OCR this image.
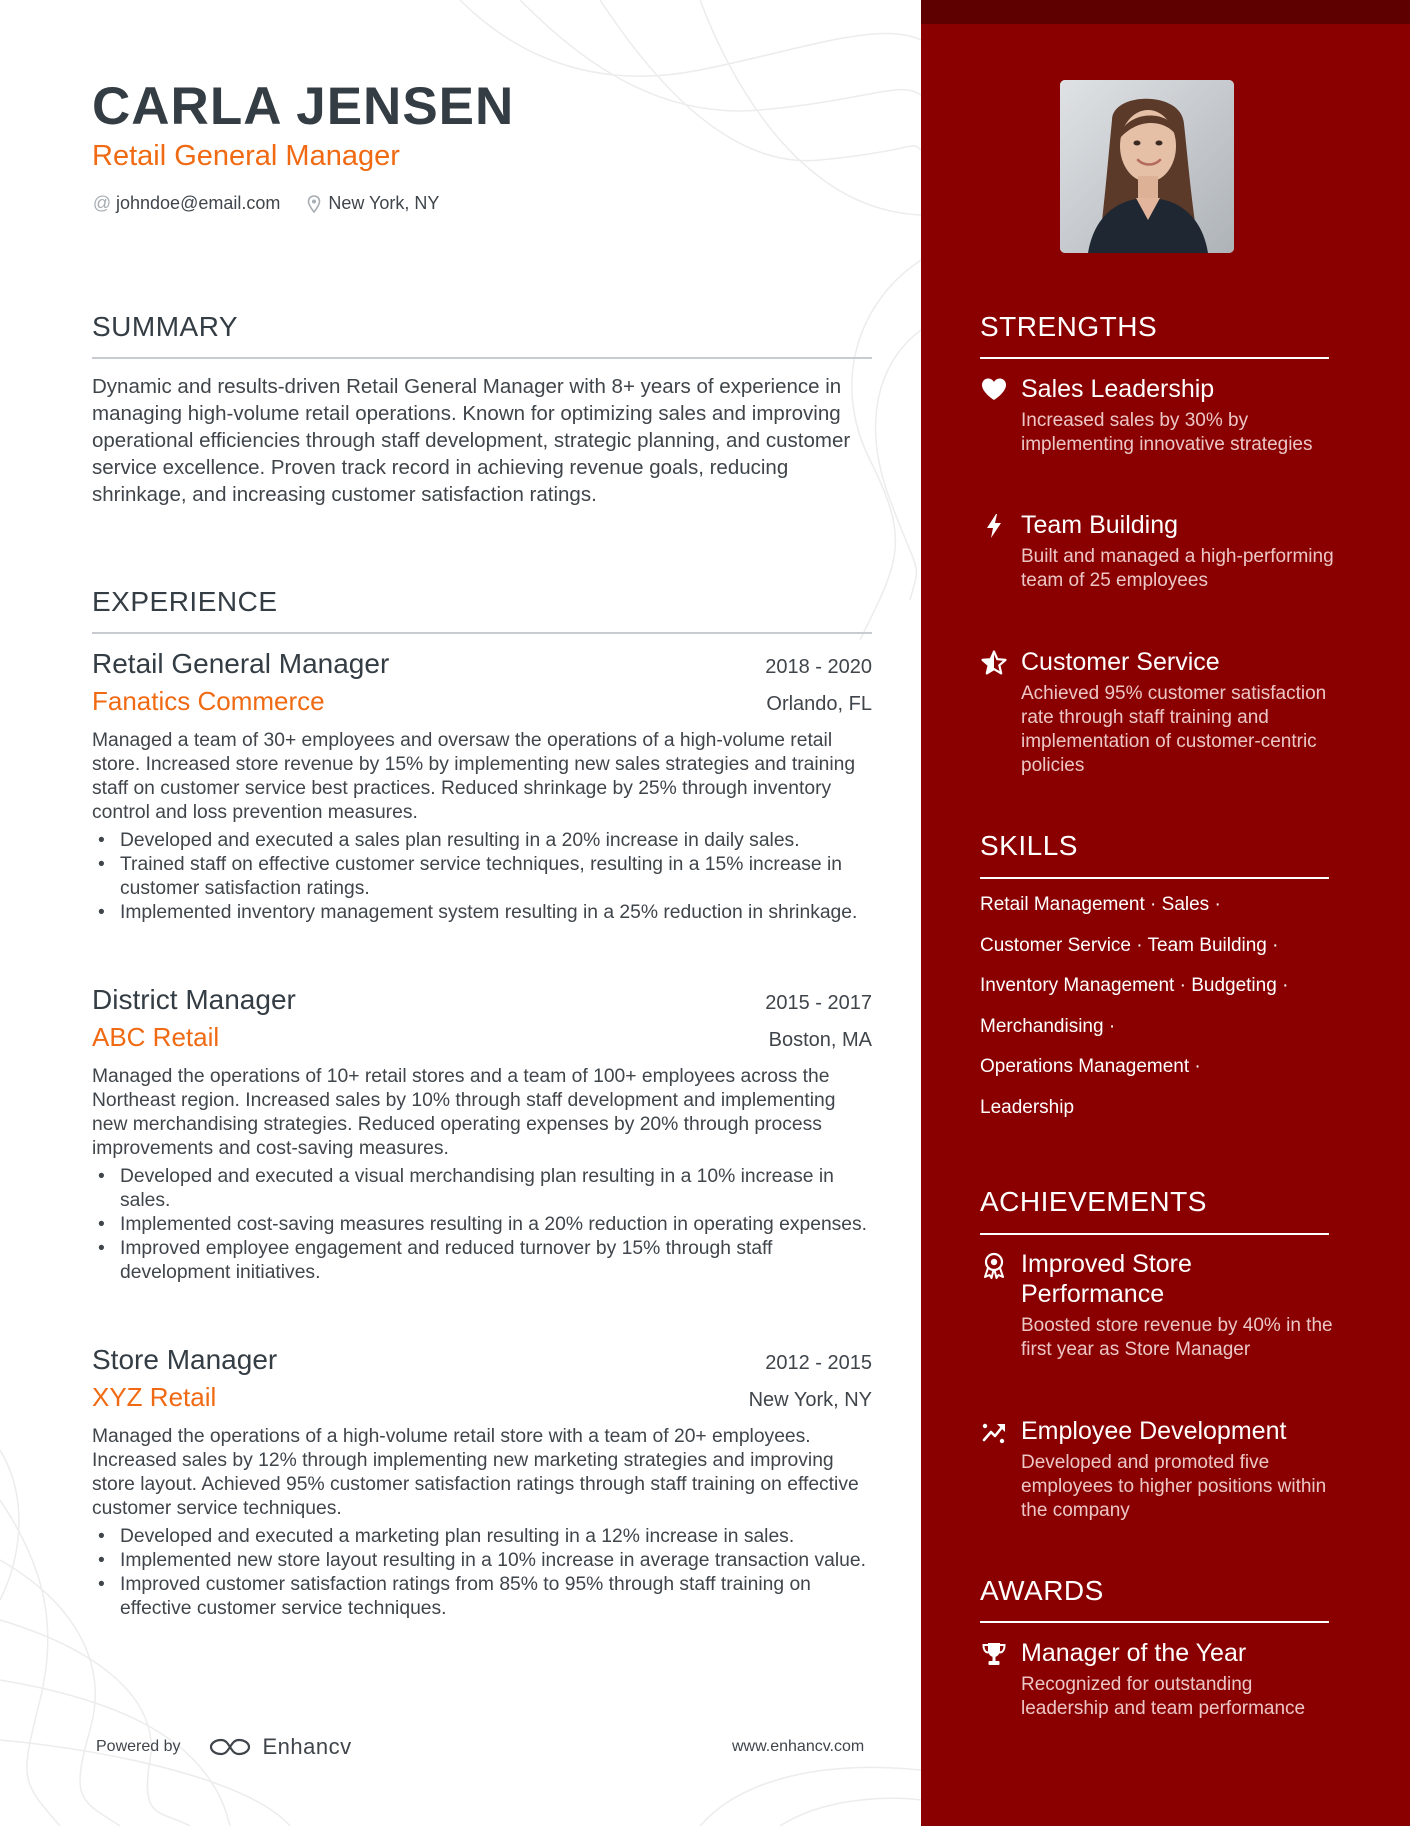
CARLA JENSEN
Retail General Manager
@ johndoe@email.com	New York, NY
SUMMARY
Dynamic and results-driven Retail General Manager with 8+ years of experience in managing high-volume retail operations. Known for optimizing sales and improving operational efficiencies through staff development, strategic planning, and customer service excellence. Proven track record in achieving revenue goals, reducing shrinkage, and increasing customer satisfaction ratings.
EXPERIENCE
Retail General Manager	2018 - 2020
Fanatics Commerce	Orlando, FL
Managed a team of 30+ employees and oversaw the operations of a high-volume retail store. Increased store revenue by 15% by implementing new sales strategies and training staff on customer service best practices. Reduced shrinkage by 25% through inventory control and loss prevention measures.
• Developed and executed a sales plan resulting in a 20% increase in daily sales.
• Trained staff on effective customer service techniques, resulting in a 15% increase in customer satisfaction ratings.
• Implemented inventory management system resulting in a 25% reduction in shrinkage.
District Manager	2015 - 2017
ABC Retail	Boston, MA
Managed the operations of 10+ retail stores and a team of 100+ employees across the Northeast region. Increased sales by 10% through staff development and implementing new merchandising strategies. Reduced operating expenses by 20% through process improvements and cost-saving measures.
• Developed and executed a visual merchandising plan resulting in a 10% increase in sales.
• Implemented cost-saving measures resulting in a 20% reduction in operating expenses.
• Improved employee engagement and reduced turnover by 15% through staff development initiatives.
Store Manager	2012 - 2015
XYZ Retail	New York, NY
Managed the operations of a high-volume retail store with a team of 20+ employees. Increased sales by 12% through implementing new marketing strategies and improving store layout. Achieved 95% customer satisfaction ratings through staff training on effective customer service techniques.
• Developed and executed a marketing plan resulting in a 12% increase in sales.
• Implemented new store layout resulting in a 10% increase in average transaction value.
• Improved customer satisfaction ratings from 85% to 95% through staff training on effective customer service techniques.
Powered by	Enhancv	www.enhancv.com
STRENGTHS
Sales Leadership
Increased sales by 30% by implementing innovative strategies
Team Building
Built and managed a high-performing team of 25 employees
Customer Service
Achieved 95% customer satisfaction rate through staff training and implementation of customer-centric policies
SKILLS
Retail Management · Sales ·
Customer Service · Team Building ·
Inventory Management · Budgeting ·
Merchandising ·
Operations Management ·
Leadership
ACHIEVEMENTS
Improved Store Performance
Boosted store revenue by 40% in the first year as Store Manager
Employee Development
Developed and promoted five employees to higher positions within the company
AWARDS
Manager of the Year
Recognized for outstanding leadership and team performance
